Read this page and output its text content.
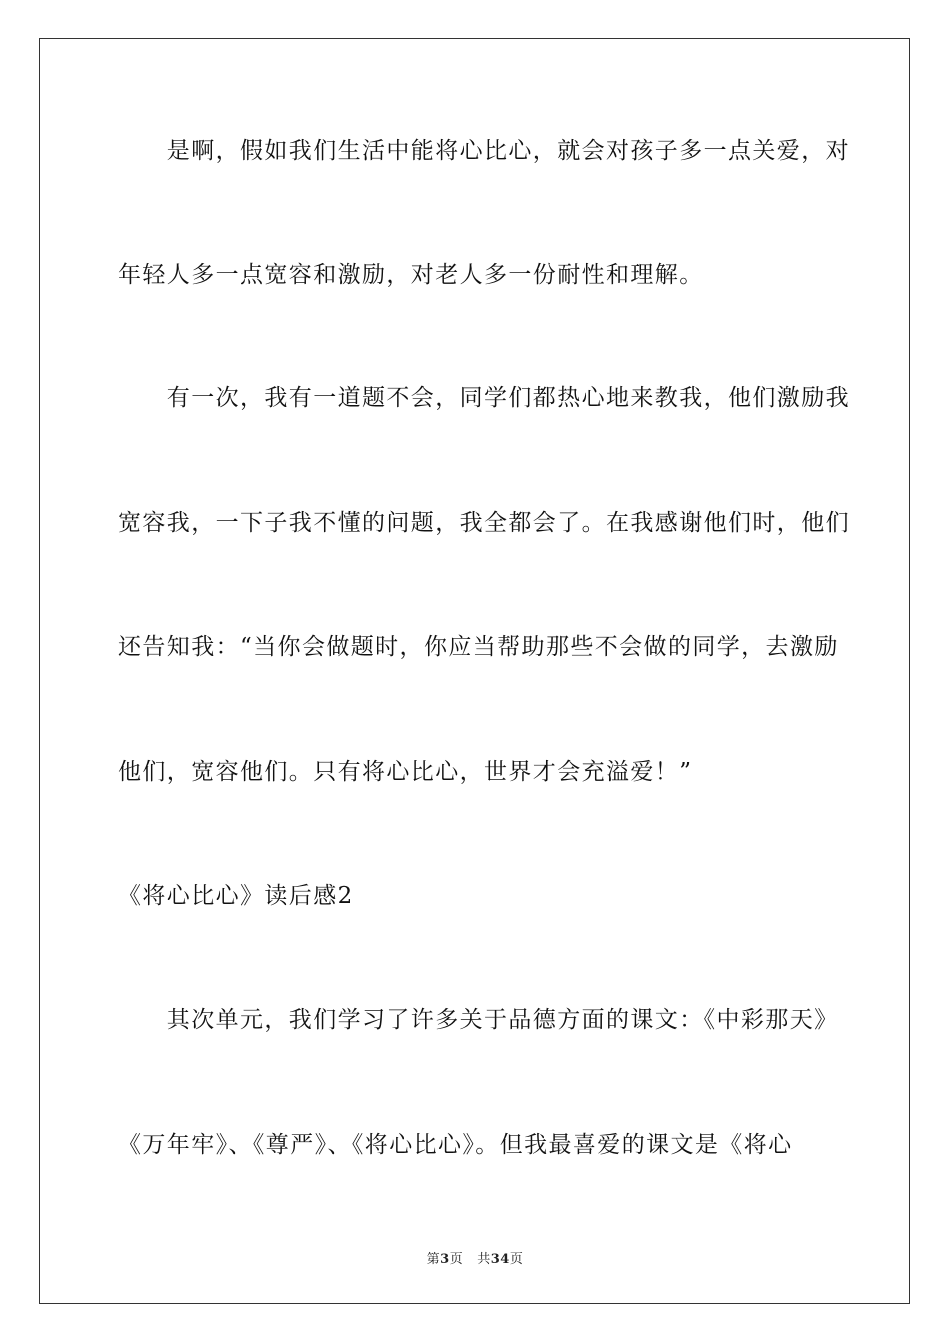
　　是啊，假如我们生活中能将心比心，就会对孩子多一点关爱，对
年轻人多一点宽容和激励，对老人多一份耐性和理解。
　　有一次，我有一道题不会，同学们都热心地来教我，他们激励我
宽容我，一下子我不懂的问题，我全都会了。在我感谢他们时，他们
还告知我：“当你会做题时，你应当帮助那些不会做的同学，去激励
他们，宽容他们。只有将心比心，世界才会充溢爱！”
《将心比心》读后感2
　　其次单元，我们学习了许多关于品德方面的课文：《中彩那天》
《万年牢》、《尊严》、《将心比心》。但我最喜爱的课文是《将心
第3页 共34页
